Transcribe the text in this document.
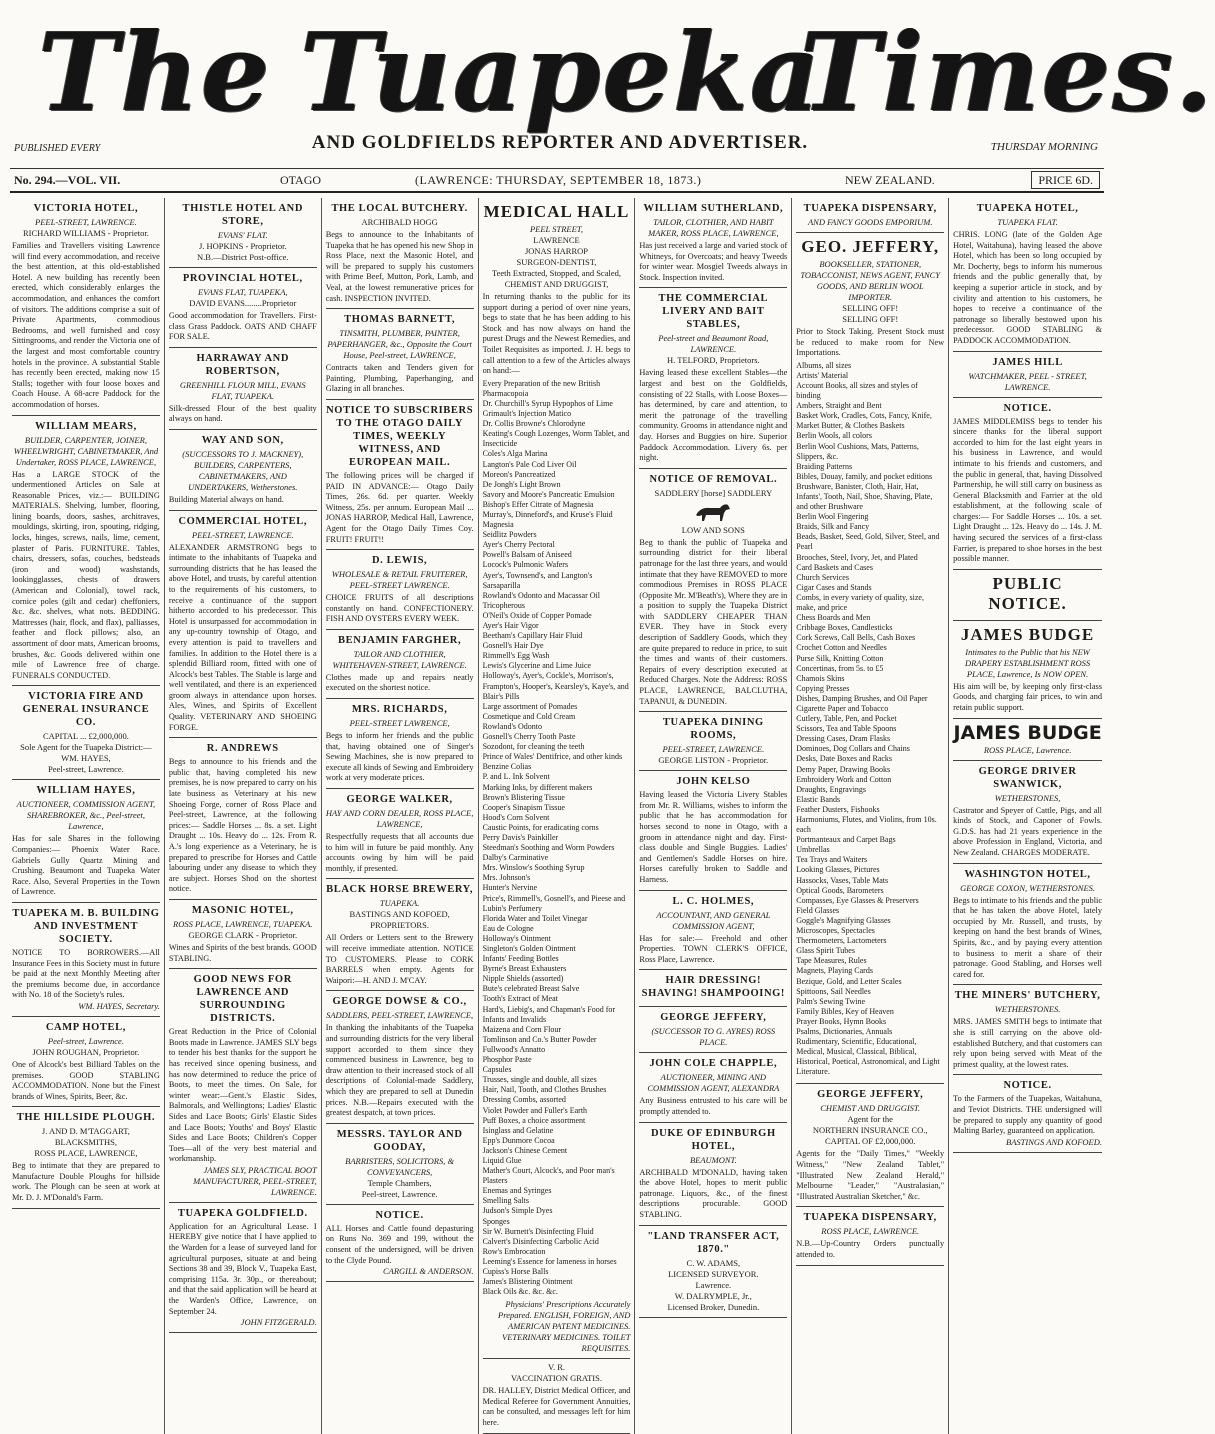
The Tuapeka
Times.
PUBLISHED EVERY	AND GOLDFIELDS REPORTER AND ADVERTISER.	THURSDAY MORNING
No. 294.—VOL. VII.	OTAGO	(LAWRENCE: THURSDAY, SEPTEMBER 18, 1873.)	NEW ZEALAND.	PRICE 6D.
VICTORIA HOTEL,
PEEL-STREET, LAWRENCE.
RICHARD WILLIAMS - Proprietor.
Families and Travellers visiting Lawrence will find every accommodation, and receive the best attention, at this old-established Hotel. A new building has recently been erected, which considerably enlarges the accommodation, and enhances the comfort of visitors. The additions comprise a suit of Private Apartments, commodious Bedrooms, and well furnished and cosy Sittingrooms, and render the Victoria one of the largest and most comfortable country hotels in the province. A substantial Stable has recently been erected, making now 15 Stalls; together with four loose boxes and Coach House. A 68-acre Paddock for the accommodation of horses.
WILLIAM MEARS,
BUILDER, CARPENTER, JOINER, WHEELWRIGHT, CABINETMAKER, And Undertaker, ROSS PLACE, LAWRENCE,
Has a LARGE STOCK of the undermentioned Articles on Sale at Reasonable Prices, viz.:— BUILDING MATERIALS. Shelving, lumber, flooring, lining boards, doors, sashes, architraves, mouldings, skirting, iron, spouting, ridging, locks, hinges, screws, nails, lime, cement, plaster of Paris. FURNITURE. Tables, chairs, dressers, sofas, couches, bedsteads (iron and wood) washstands, lookingglasses, chests of drawers (American and Colonial), towel rack, cornice poles (gilt and cedar) cheffoniers, &c. &c. shelves, what nots. BEDDING. Mattresses (hair, flock, and flax), palliasses, feather and flock pillows; also, an assortment of door mats, American brooms, brushes, &c. Goods delivered within one mile of Lawrence free of charge. FUNERALS CONDUCTED.
VICTORIA FIRE AND GENERAL INSURANCE CO.
CAPITAL ... £2,000,000.
Sole Agent for the Tuapeka District:—
WM. HAYES,
Peel-street, Lawrence.
WILLIAM HAYES,
AUCTIONEER, COMMISSION AGENT, SHAREBROKER, &c., Peel-street, Lawrence,
Has for sale Shares in the following Companies:— Phoenix Water Race. Gabriels Gully Quartz Mining and Crushing. Beaumont and Tuapeka Water Race. Also, Several Properties in the Town of Lawrence.
TUAPEKA M. B. BUILDING AND INVESTMENT SOCIETY.
NOTICE TO BORROWERS.—All Insurance Fees in this Society must in future be paid at the next Monthly Meeting after the premiums become due, in accordance with No. 18 of the Society's rules.
WM. HAYES, Secretary.
CAMP HOTEL,
Peel-street, Lawrence.
JOHN ROUGHAN, Proprietor.
One of Alcock's best Billiard Tables on the premises. GOOD STABLING ACCOMMODATION. None but the Finest brands of Wines, Spirits, Beer, &c.
THE HILLSIDE PLOUGH.
J. AND D. M'TAGGART,
BLACKSMITHS,
ROSS PLACE, LAWRENCE,
Beg to intimate that they are prepared to Manufacture Double Ploughs for hillside work. The Plough can be seen at work at Mr. D. J. M'Donald's Farm.
THISTLE HOTEL AND STORE,
EVANS' FLAT.
J. HOPKINS - Proprietor.
N.B.—District Post-office.
PROVINCIAL HOTEL,
EVANS FLAT, TUAPEKA,
DAVID EVANS........Proprietor
Good accommodation for Travellers. First-class Grass Paddock. OATS AND CHAFF FOR SALE.
HARRAWAY AND ROBERTSON,
GREENHILL FLOUR MILL, EVANS FLAT, TUAPEKA.
Silk-dressed Flour of the best quality always on hand.
WAY AND SON,
(SUCCESSORS TO J. MACKNEY), BUILDERS, CARPENTERS, CABINETMAKERS, AND UNDERTAKERS, Wetherstones.
Building Material always on hand.
COMMERCIAL HOTEL,
PEEL-STREET, LAWRENCE.
ALEXANDER ARMSTRONG begs to intimate to the inhabitants of Tuapeka and surrounding districts that he has leased the above Hotel, and trusts, by careful attention to the requirements of his customers, to receive a continuance of the support hitherto accorded to his predecessor. This Hotel is unsurpassed for accommodation in any up-country township of Otago, and every attention is paid to travellers and families. In addition to the Hotel there is a splendid Billiard room, fitted with one of Alcock's best Tables. The Stable is large and well ventilated, and there is an experienced groom always in attendance upon horses. Ales, Wines, and Spirits of Excellent Quality. VETERINARY AND SHOEING FORGE.
R. ANDREWS
Begs to announce to his friends and the public that, having completed his new premises, he is now prepared to carry on his late business as Veterinary at his new Shoeing Forge, corner of Ross Place and Peel-street, Lawrence, at the following prices:— Saddle Horses ... 8s. a set. Light Draught ... 10s. Heavy do ... 12s. From R. A.'s long experience as a Veterinary, he is prepared to prescribe for Horses and Cattle labouring under any disease to which they are subject. Horses Shod on the shortest notice.
MASONIC HOTEL,
ROSS PLACE, LAWRENCE, TUAPEKA.
GEORGE CLARK - Proprietor.
Wines and Spirits of the best brands. GOOD STABLING.
GOOD NEWS FOR LAWRENCE AND SURROUNDING DISTRICTS.
Great Reduction in the Price of Colonial Boots made in Lawrence. JAMES SLY begs to tender his best thanks for the support he has received since opening business, and has now determined to reduce the price of Boots, to meet the times. On Sale, for winter wear:—Gent.'s Elastic Sides, Balmorals, and Wellingtons; Ladies' Elastic Sides and Lace Boots; Girls' Elastic Sides and Lace Boots; Youths' and Boys' Elastic Sides and Lace Boots; Children's Copper Toes—all of the very best material and workmanship.
JAMES SLY, PRACTICAL BOOT MANUFACTURER, PEEL-STREET, LAWRENCE.
TUAPEKA GOLDFIELD.
Application for an Agricultural Lease. I HEREBY give notice that I have applied to the Warden for a lease of surveyed land for agricultural purposes, situate at and being Sections 38 and 39, Block V., Tuapeka East, comprising 115a. 3r. 30p., or thereabout; and that the said application will be heard at the Warden's Office, Lawrence, on September 24.
JOHN FITZGERALD.
THE LOCAL BUTCHERY.
ARCHIBALD HOGG
Begs to announce to the Inhabitants of Tuapeka that he has opened his new Shop in Ross Place, next the Masonic Hotel, and will be prepared to supply his customers with Prime Beef, Mutton, Pork, Lamb, and Veal, at the lowest remunerative prices for cash. INSPECTION INVITED.
THOMAS BARNETT,
TINSMITH, PLUMBER, PAINTER, PAPERHANGER, &c., Opposite the Court House, Peel-street, LAWRENCE,
Contracts taken and Tenders given for Painting, Plumbing, Paperhanging, and Glazing in all branches.
NOTICE TO SUBSCRIBERS TO THE OTAGO DAILY TIMES, WEEKLY WITNESS, AND EUROPEAN MAIL.
The following prices will be charged if PAID IN ADVANCE:— Otago Daily Times, 26s. 6d. per quarter. Weekly Witness, 25s. per annum. European Mail ... JONAS HARROP, Medical Hall, Lawrence, Agent for the Otago Daily Times Coy. FRUIT! FRUIT!!
D. LEWIS,
WHOLESALE & RETAIL FRUITERER, PEEL-STREET LAWRENCE.
CHOICE FRUITS of all descriptions constantly on hand. CONFECTIONERY. FISH AND OYSTERS EVERY WEEK.
BENJAMIN FARGHER,
TAILOR AND CLOTHIER, WHITEHAVEN-STREET, LAWRENCE.
Clothes made up and repairs neatly executed on the shortest notice.
MRS. RICHARDS,
PEEL-STREET LAWRENCE,
Begs to inform her friends and the public that, having obtained one of Singer's Sewing Machines, she is now prepared to execute all kinds of Sewing and Embroidery work at very moderate prices.
GEORGE WALKER,
HAY AND CORN DEALER, ROSS PLACE, LAWRENCE,
Respectfully requests that all accounts due to him will in future be paid monthly. Any accounts owing by him will be paid monthly, if presented.
BLACK HORSE BREWERY,
TUAPEKA.
BASTINGS AND KOFOED,
PROPRIETORS.
All Orders or Letters sent to the Brewery will receive immediate attention. NOTICE TO CUSTOMERS. Please to CORK BARRELS when empty. Agents for Waipori:—H. AND J. M'CAY.
GEORGE DOWSE & CO.,
SADDLERS, PEEL-STREET, LAWRENCE,
In thanking the inhabitants of the Tuapeka and surrounding districts for the very liberal support accorded to them since they commenced business in Lawrence, beg to draw attention to their increased stock of all descriptions of Colonial-made Saddlery, which they are prepared to sell at Dunedin prices. N.B.—Repairs executed with the greatest despatch, at town prices.
MESSRS. TAYLOR AND GOODAY,
BARRISTERS, SOLICITORS, & CONVEYANCERS,
Temple Chambers,
Peel-street, Lawrence.
NOTICE.
ALL Horses and Cattle found depasturing on Runs No. 369 and 199, without the consent of the undersigned, will be driven to the Clyde Pound.
CARGILL & ANDERSON.
MEDICAL HALL
PEEL STREET,
LAWRENCE
JONAS HARROP
SURGEON-DENTIST,
Teeth Extracted, Stopped, and Scaled,
CHEMIST AND DRUGGIST,
In returning thanks to the public for its support during a period of over nine years, begs to state that he has been adding to his Stock and has now always on hand the purest Drugs and the Newest Remedies, and Toilet Requisites as imported. J. H. begs to call attention to a few of the Articles always on hand:—
Every Preparation of the new British Pharmacopoia
Dr. Churchill's Syrup Hypophos of Lime
Grimault's Injection Matico
Dr. Collis Browne's Chlorodyne
Keating's Cough Lozenges, Worm Tablet, and Insecticide
Coles's Alga Marina
Langton's Pale Cod Liver Oil
Moreon's Pancreatized
De Jongh's Light Brown
Savory and Moore's Pancreatic Emulsion
Bishop's Effer Citrate of Magnesia
Murray's, Dinneford's, and Kruse's Fluid Magnesia
Seidlitz Powders
Ayer's Cherry Pectoral
Powell's Balsam of Aniseed
Locock's Pulmonic Wafers
Ayer's, Townsend's, and Langton's Sarsaparilla
Rowland's Odonto and Macassar Oil
Tricopherous
O'Neil's Oxide of Copper Pomade
Ayer's Hair Vigor
Beetham's Capillary Hair Fluid
Gosnell's Hair Dye
Rimmell's Egg Wash
Lewis's Glycerine and Lime Juice
Holloway's, Ayer's, Cockle's, Morrison's, Frampton's, Hooper's, Kearsley's, Kaye's, and Blair's Pills
Large assortment of Pomades
Cosmetique and Cold Cream
Rowland's Odonto
Gosnell's Cherry Tooth Paste
Sozodont, for cleaning the teeth
Prince of Wales' Dentifrice, and other kinds
Benzine Colias
P. and L. Ink Solvent
Marking Inks, by different makers
Brown's Blistering Tissue
Cooper's Sinapism Tissue
Hood's Corn Solvent
Caustic Points, for eradicating corns
Perry Davis's Painkiller
Steedman's Soothing and Worm Powders
Dalby's Carminative
Mrs. Winslow's Soothing Syrup
Mrs. Johnson's
Hunter's Nervine
Price's, Rimmell's, Gosnell's, and Pieese and Lubin's Perfumery
Florida Water and Toilet Vinegar
Eau de Cologne
Holloway's Ointment
Singleton's Golden Ointment
Infants' Feeding Bottles
Byrne's Breast Exhausters
Nipple Shields (assorted)
Bute's celebrated Breast Salve
Tooth's Extract of Meat
Hard's, Liebig's, and Chapman's Food for Infants and Invalids
Maizena and Corn Flour
Tomlinson and Co.'s Butter Powder
Fullwood's Annatto
Phosphor Paste
Capsules
Trusses, single and double, all sizes
Hair, Nail, Tooth, and Clothes Brushes
Dressing Combs, assorted
Violet Powder and Fuller's Earth
Puff Boxes, a choice assortment
Isinglass and Gelatine
Epp's Dunmore Cocoa
Jackson's Chinese Cement
Liquid Glue
Mather's Court, Alcock's, and Poor man's Plasters
Enemas and Syringes
Smelling Salts
Judson's Simple Dyes
Sponges
Sir W. Burnett's Disinfecting Fluid
Calvert's Disinfecting Carbolic Acid
Row's Embrocation
Leeming's Essence for lameness in horses
Cupiss's Horse Balls
James's Blistering Ointment
Black Oils &c. &c. &c.
Physicians' Prescriptions Accurately Prepared. ENGLISH, FOREIGN, AND AMERICAN PATENT MEDICINES. VETERINARY MEDICINES. TOILET REQUISITES.
V. R.
VACCINATION GRATIS.
DR. HALLEY, District Medical Officer, and Medical Referee for Government Annuities, can be consulted, and messages left for him here.
WILLIAM SUTHERLAND,
TAILOR, CLOTHIER, AND HABIT MAKER, ROSS PLACE, LAWRENCE,
Has just received a large and varied stock of Whitneys, for Overcoats; and heavy Tweeds for winter wear. Mosgiel Tweeds always in Stock. Inspection invited.
THE COMMERCIAL LIVERY AND BAIT STABLES,
Peel-street and Beaumont Road, LAWRENCE.
H. TELFORD, Proprietors.
Having leased these excellent Stables—the largest and best on the Goldfields, consisting of 22 Stalls, with Loose Boxes—has determined, by care and attention, to merit the patronage of the travelling community. Grooms in attendance night and day. Horses and Buggies on hire. Superior Paddock Accommodation. Livery 6s. per night.
NOTICE OF REMOVAL.
SADDLERY [horse] SADDLERY
LOW AND SONS
Beg to thank the public of Tuapeka and surrounding district for their liberal patronage for the last three years, and would intimate that they have REMOVED to more commodious Premises in ROSS PLACE (Opposite Mr. M'Beath's), Where they are in a position to supply the Tuapeka District with SADDLERY CHEAPER THAN EVER. They have in Stock every description of Saddlery Goods, which they are quite prepared to reduce in price, to suit the times and wants of their customers. Repairs of every description executed at Reduced Charges. Note the Address: ROSS PLACE, LAWRENCE, BALCLUTHA, TAPANUI, & DUNEDIN.
TUAPEKA DINING ROOMS,
PEEL-STREET, LAWRENCE.
GEORGE LISTON - Proprietor.
JOHN KELSO
Having leased the Victoria Livery Stables from Mr. R. Williams, wishes to inform the public that he has accommodation for horses second to none in Otago, with a groom in attendance night and day. First-class double and Single Buggies. Ladies' and Gentlemen's Saddle Horses on hire. Horses carefully broken to Saddle and Harness.
L. C. HOLMES,
ACCOUNTANT, AND GENERAL COMMISSION AGENT,
Has for sale:— Freehold and other Properties. TOWN CLERK'S OFFICE, Ross Place, Lawrence.
HAIR DRESSING! SHAVING! SHAMPOOING!
GEORGE JEFFERY,
(SUCCESSOR TO G. AYRES) ROSS PLACE.
JOHN COLE CHAPPLE,
AUCTIONEER, MINING AND COMMISSION AGENT, ALEXANDRA
Any Business entrusted to his care will be promptly attended to.
DUKE OF EDINBURGH HOTEL,
BEAUMONT.
ARCHIBALD M'DONALD, having taken the above Hotel, hopes to merit public patronage. Liquors, &c., of the finest descriptions procurable. GOOD STABLING.
"LAND TRANSFER ACT, 1870."
C. W. ADAMS,
LICENSED SURVEYOR.
Lawrence.
W. DALRYMPLE, Jr.,
Licensed Broker, Dunedin.
TUAPEKA DISPENSARY,
AND FANCY GOODS EMPORIUM.
GEO. JEFFERY,
BOOKSELLER, STATIONER, TOBACCONIST, NEWS AGENT, FANCY GOODS, AND BERLIN WOOL IMPORTER.
SELLING OFF!
SELLING OFF!
Prior to Stock Taking. Present Stock must be reduced to make room for New Importations.
Albums, all sizes
Artists' Material
Account Books, all sizes and styles of binding
Ambers, Straight and Bent
Basket Work, Cradles, Cots, Fancy, Knife, Market Butter, & Clothes Baskets
Berlin Wools, all colors
Berlin Wool Cushions, Mats, Patterns, Slippers, &c.
Braiding Patterns
Bibles, Douay, family, and pocket editions
Brushware, Banister, Cloth, Hair, Hat, Infants', Tooth, Nail, Shoe, Shaving, Plate, and other Brushware
Berlin Wool Fingering
Braids, Silk and Fancy
Beads, Basket, Seed, Gold, Silver, Steel, and Pearl
Brooches, Steel, Ivory, Jet, and Plated
Card Baskets and Cases
Church Services
Cigar Cases and Stands
Combs, in every variety of quality, size, make, and price
Chess Boards and Men
Cribbage Boxes, Candlesticks
Cork Screws, Call Bells, Cash Boxes
Crochet Cotton and Needles
Purse Silk, Knitting Cotton
Concertinas, from 5s. to £5
Chamois Skins
Copying Presses
Dishes, Damping Brushes, and Oil Paper
Cigarette Paper and Tobacco
Cutlery, Table, Pen, and Pocket
Scissors, Tea and Table Spoons
Dressing Cases, Dram Flasks
Dominoes, Dog Collars and Chains
Desks, Date Boxes and Racks
Demy Paper, Drawing Books
Embroidery Work and Cotton
Draughts, Engravings
Elastic Bands
Feather Dusters, Fishooks
Harmoniums, Flutes, and Violins, from 10s. each
Portmanteaux and Carpet Bags
Umbrellas
Tea Trays and Waiters
Looking Glasses, Pictures
Hassocks, Vases, Table Mats
Optical Goods, Barometers
Compasses, Eye Glasses & Preservers
Field Glasses
Goggle's Magnifying Glasses
Microscopes, Spectacles
Thermometers, Lactometers
Glass Spirit Tubes
Tape Measures, Rules
Magnets, Playing Cards
Bezique, Gold, and Letter Scales
Spittoons, Sail Needles
Palm's Sewing Twine
Family Bibles, Key of Heaven
Prayer Books, Hymn Books
Psalms, Dictionaries, Annuals
Rudimentary, Scientific, Educational, Medical, Musical, Classical, Biblical, Historical, Poetical, Astronomical, and Light Literature.
GEORGE JEFFERY,
CHEMIST AND DRUGGIST.
Agent for the
NORTHERN INSURANCE CO.,
CAPITAL OF £2,000,000.
Agents for the "Daily Times," "Weekly Witness," "New Zealand Tablet," "Illustrated New Zealand Herald," Melbourne "Leader," "Australasian," "Illustrated Australian Sketcher," &c.
TUAPEKA DISPENSARY,
ROSS PLACE, LAWRENCE.
N.B.—Up-Country Orders punctually attended to.
TUAPEKA HOTEL,
TUAPEKA FLAT.
CHRIS. LONG (late of the Golden Age Hotel, Waitahuna), having leased the above Hotel, which has been so long occupied by Mr. Docherty, begs to inform his numerous friends and the public generally that, by keeping a superior article in stock, and by civility and attention to his customers, he hopes to receive a continuance of the patronage so liberally bestowed upon his predecessor. GOOD STABLING & PADDOCK ACCOMMODATION.
JAMES HILL
WATCHMAKER, PEEL - STREET, LAWRENCE.
NOTICE.
JAMES MIDDLEMISS begs to tender his sincere thanks for the liberal support accorded to him for the last eight years in his business in Lawrence, and would intimate to his friends and customers, and the public in general, that, having Dissolved Partnership, he will still carry on business as General Blacksmith and Farrier at the old establishment, at the following scale of charges:— For Saddle Horses ... 10s. a set. Light Draught ... 12s. Heavy do ... 14s. J. M. having secured the services of a first-class Farrier, is prepared to shoe horses in the best possible manner.
PUBLIC NOTICE.
JAMES BUDGE
Intimates to the Public that his NEW DRAPERY ESTABLISHMENT ROSS PLACE, Lawrence, Is NOW OPEN.
His aim will be, by keeping only first-class Goods, and charging fair prices, to win and retain public support.
JAMES BUDGE
ROSS PLACE, Lawrence.
GEORGE DRIVER SWANWICK,
WETHERSTONES,
Castrator and Speyer of Cattle, Pigs, and all kinds of Stock, and Caponer of Fowls. G.D.S. has had 21 years experience in the above Profession in England, Victoria, and New Zealand. CHARGES MODERATE.
WASHINGTON HOTEL,
GEORGE COXON, WETHERSTONES.
Begs to intimate to his friends and the public that he has taken the above Hotel, lately occupied by Mr. Russell, and trusts, by keeping on hand the best brands of Wines, Spirits, &c., and by paying every attention to business to merit a share of their patronage. Good Stabling, and Horses well cared for.
THE MINERS' BUTCHERY,
WETHERSTONES.
MRS. JAMES SMITH begs to intimate that she is still carrying on the above old-established Butchery, and that customers can rely upon being served with Meat of the primest quality, at the lowest rates.
NOTICE.
To the Farmers of the Tuapekas, Waitahuna, and Teviot Districts. THE undersigned will be prepared to supply any quantity of good Malting Barley, guaranteed on application.
BASTINGS AND KOFOED.
